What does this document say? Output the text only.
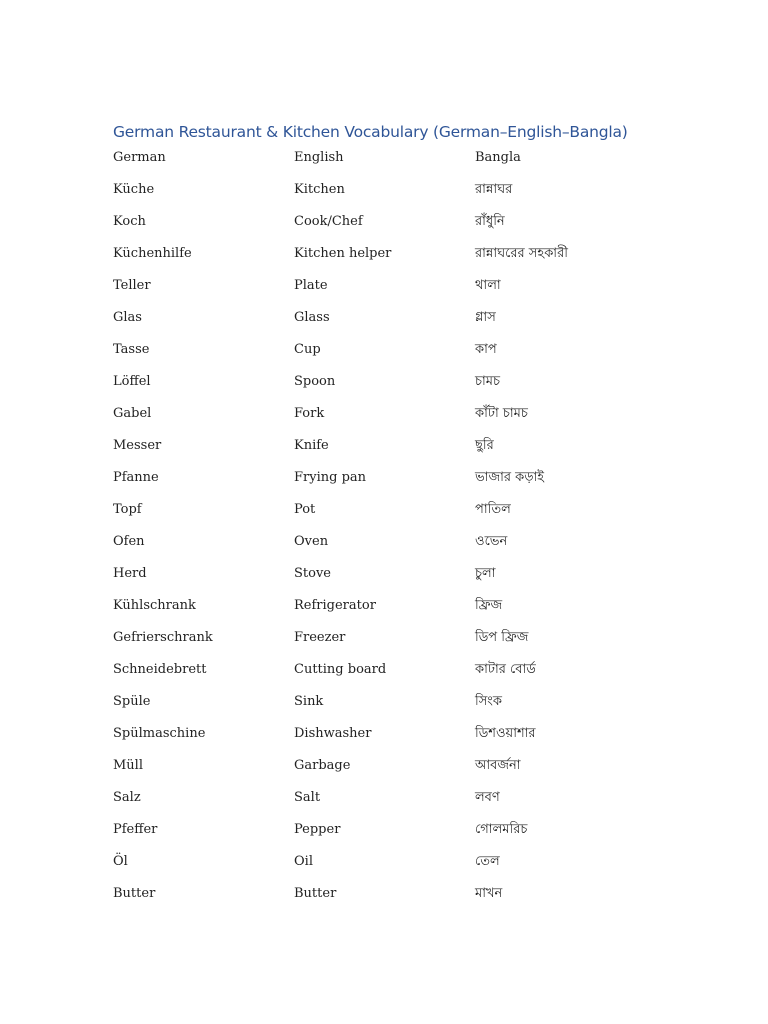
German Restaurant & Kitchen Vocabulary (German–English–Bangla)
German	English	Bangla
Küche	Kitchen	রান্নাঘর
Koch	Cook/Chef	রাঁধুনি
Küchenhilfe	Kitchen helper	রান্নাঘরের সহকারী
Teller	Plate	থালা
Glas	Glass	গ্লাস
Tasse	Cup	কাপ
Löffel	Spoon	চামচ
Gabel	Fork	কাঁটা চামচ
Messer	Knife	ছুরি
Pfanne	Frying pan	ভাজার কড়াই
Topf	Pot	পাতিল
Ofen	Oven	ওভেন
Herd	Stove	চুলা
Kühlschrank	Refrigerator	ফ্রিজ
Gefrierschrank	Freezer	ডিপ ফ্রিজ
Schneidebrett	Cutting board	কাটার বোর্ড
Spüle	Sink	সিংক
Spülmaschine	Dishwasher	ডিশওয়াশার
Müll	Garbage	আবর্জনা
Salz	Salt	লবণ
Pfeffer	Pepper	গোলমরিচ
Öl	Oil	তেল
Butter	Butter	মাখন
